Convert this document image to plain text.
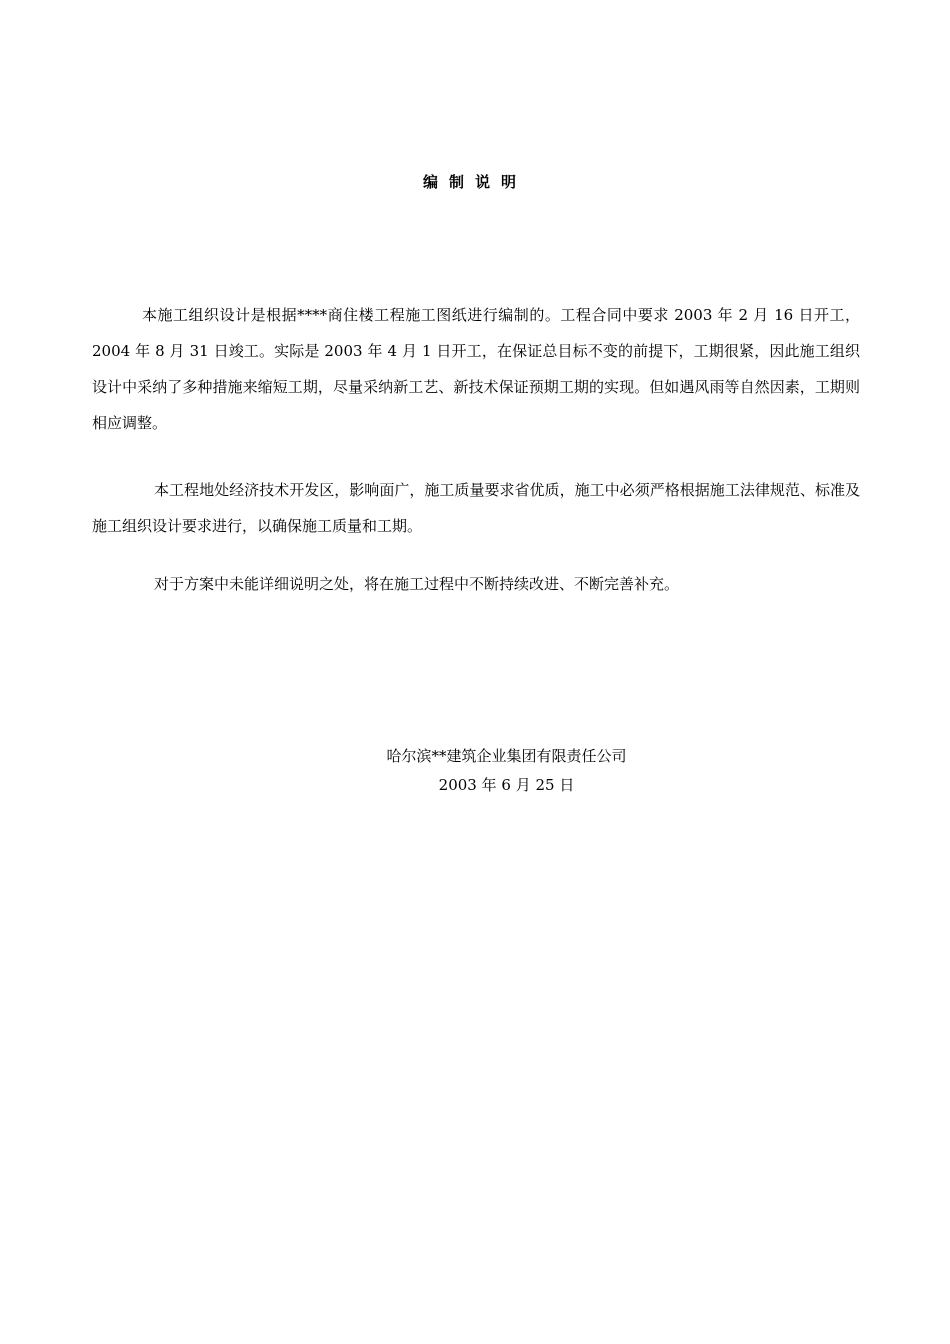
编制说明

本施工组织设计是根据****商住楼工程施工图纸进行编制的。工程合同中要求 2003 年 2 月 16 日开工，2004 年 8 月 31 日竣工。实际是 2003 年 4 月 1 日开工，在保证总目标不变的前提下，工期很紧，因此施工组织设计中采纳了多种措施来缩短工期，尽量采纳新工艺、新技术保证预期工期的实现。但如遇风雨等自然因素，工期则相应调整。

本工程地处经济技术开发区，影响面广，施工质量要求省优质，施工中必须严格根据施工法律规范、标准及施工组织设计要求进行，以确保施工质量和工期。

对于方案中未能详细说明之处，将在施工过程中不断持续改进、不断完善补充。

哈尔滨**建筑企业集团有限责任公司
2003 年 6 月 25 日
